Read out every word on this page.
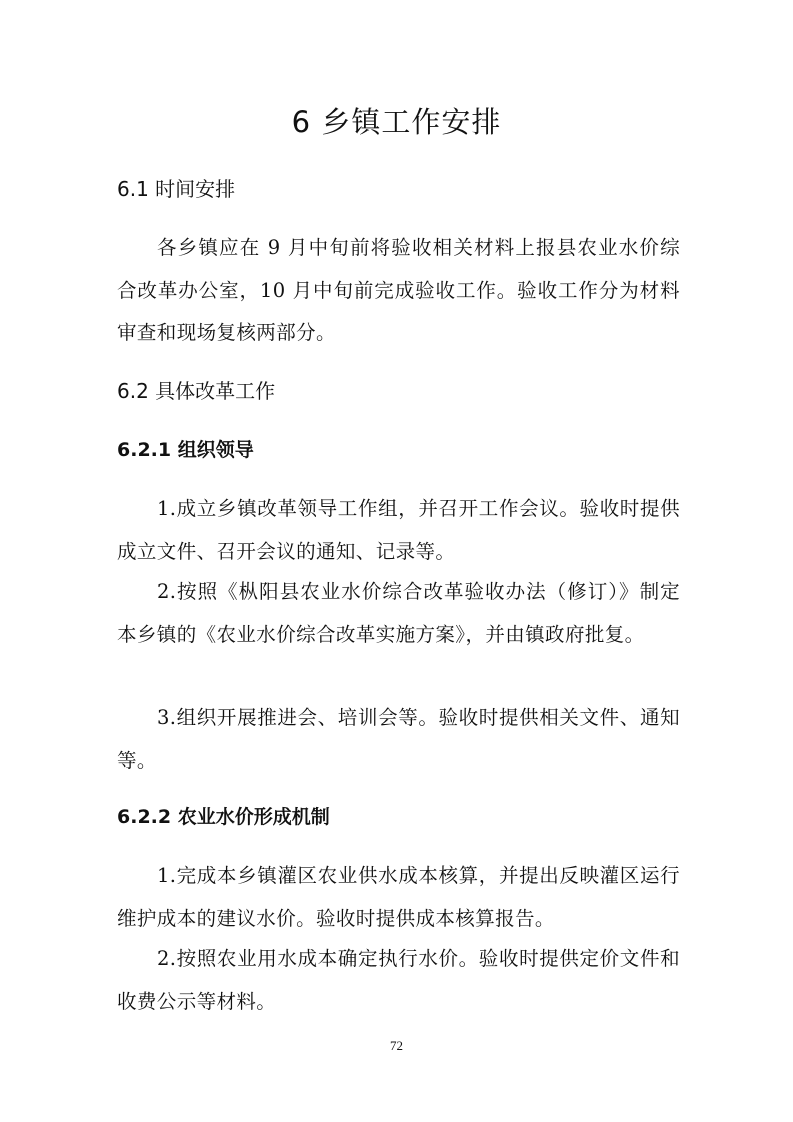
6 乡镇工作安排
6.1 时间安排

各乡镇应在 9 月中旬前将验收相关材料上报县农业水价综合改革办公室，10 月中旬前完成验收工作。验收工作分为材料审查和现场复核两部分。

6.2 具体改革工作
6.2.1 组织领导

1.成立乡镇改革领导工作组，并召开工作会议。验收时提供成立文件、召开会议的通知、记录等。

2.按照《枞阳县农业水价综合改革验收办法（修订）》制定本乡镇的《农业水价综合改革实施方案》，并由镇政府批复。

3.组织开展推进会、培训会等。验收时提供相关文件、通知等。

6.2.2 农业水价形成机制

1.完成本乡镇灌区农业供水成本核算，并提出反映灌区运行维护成本的建议水价。验收时提供成本核算报告。

2.按照农业用水成本确定执行水价。验收时提供定价文件和收费公示等材料。

72
